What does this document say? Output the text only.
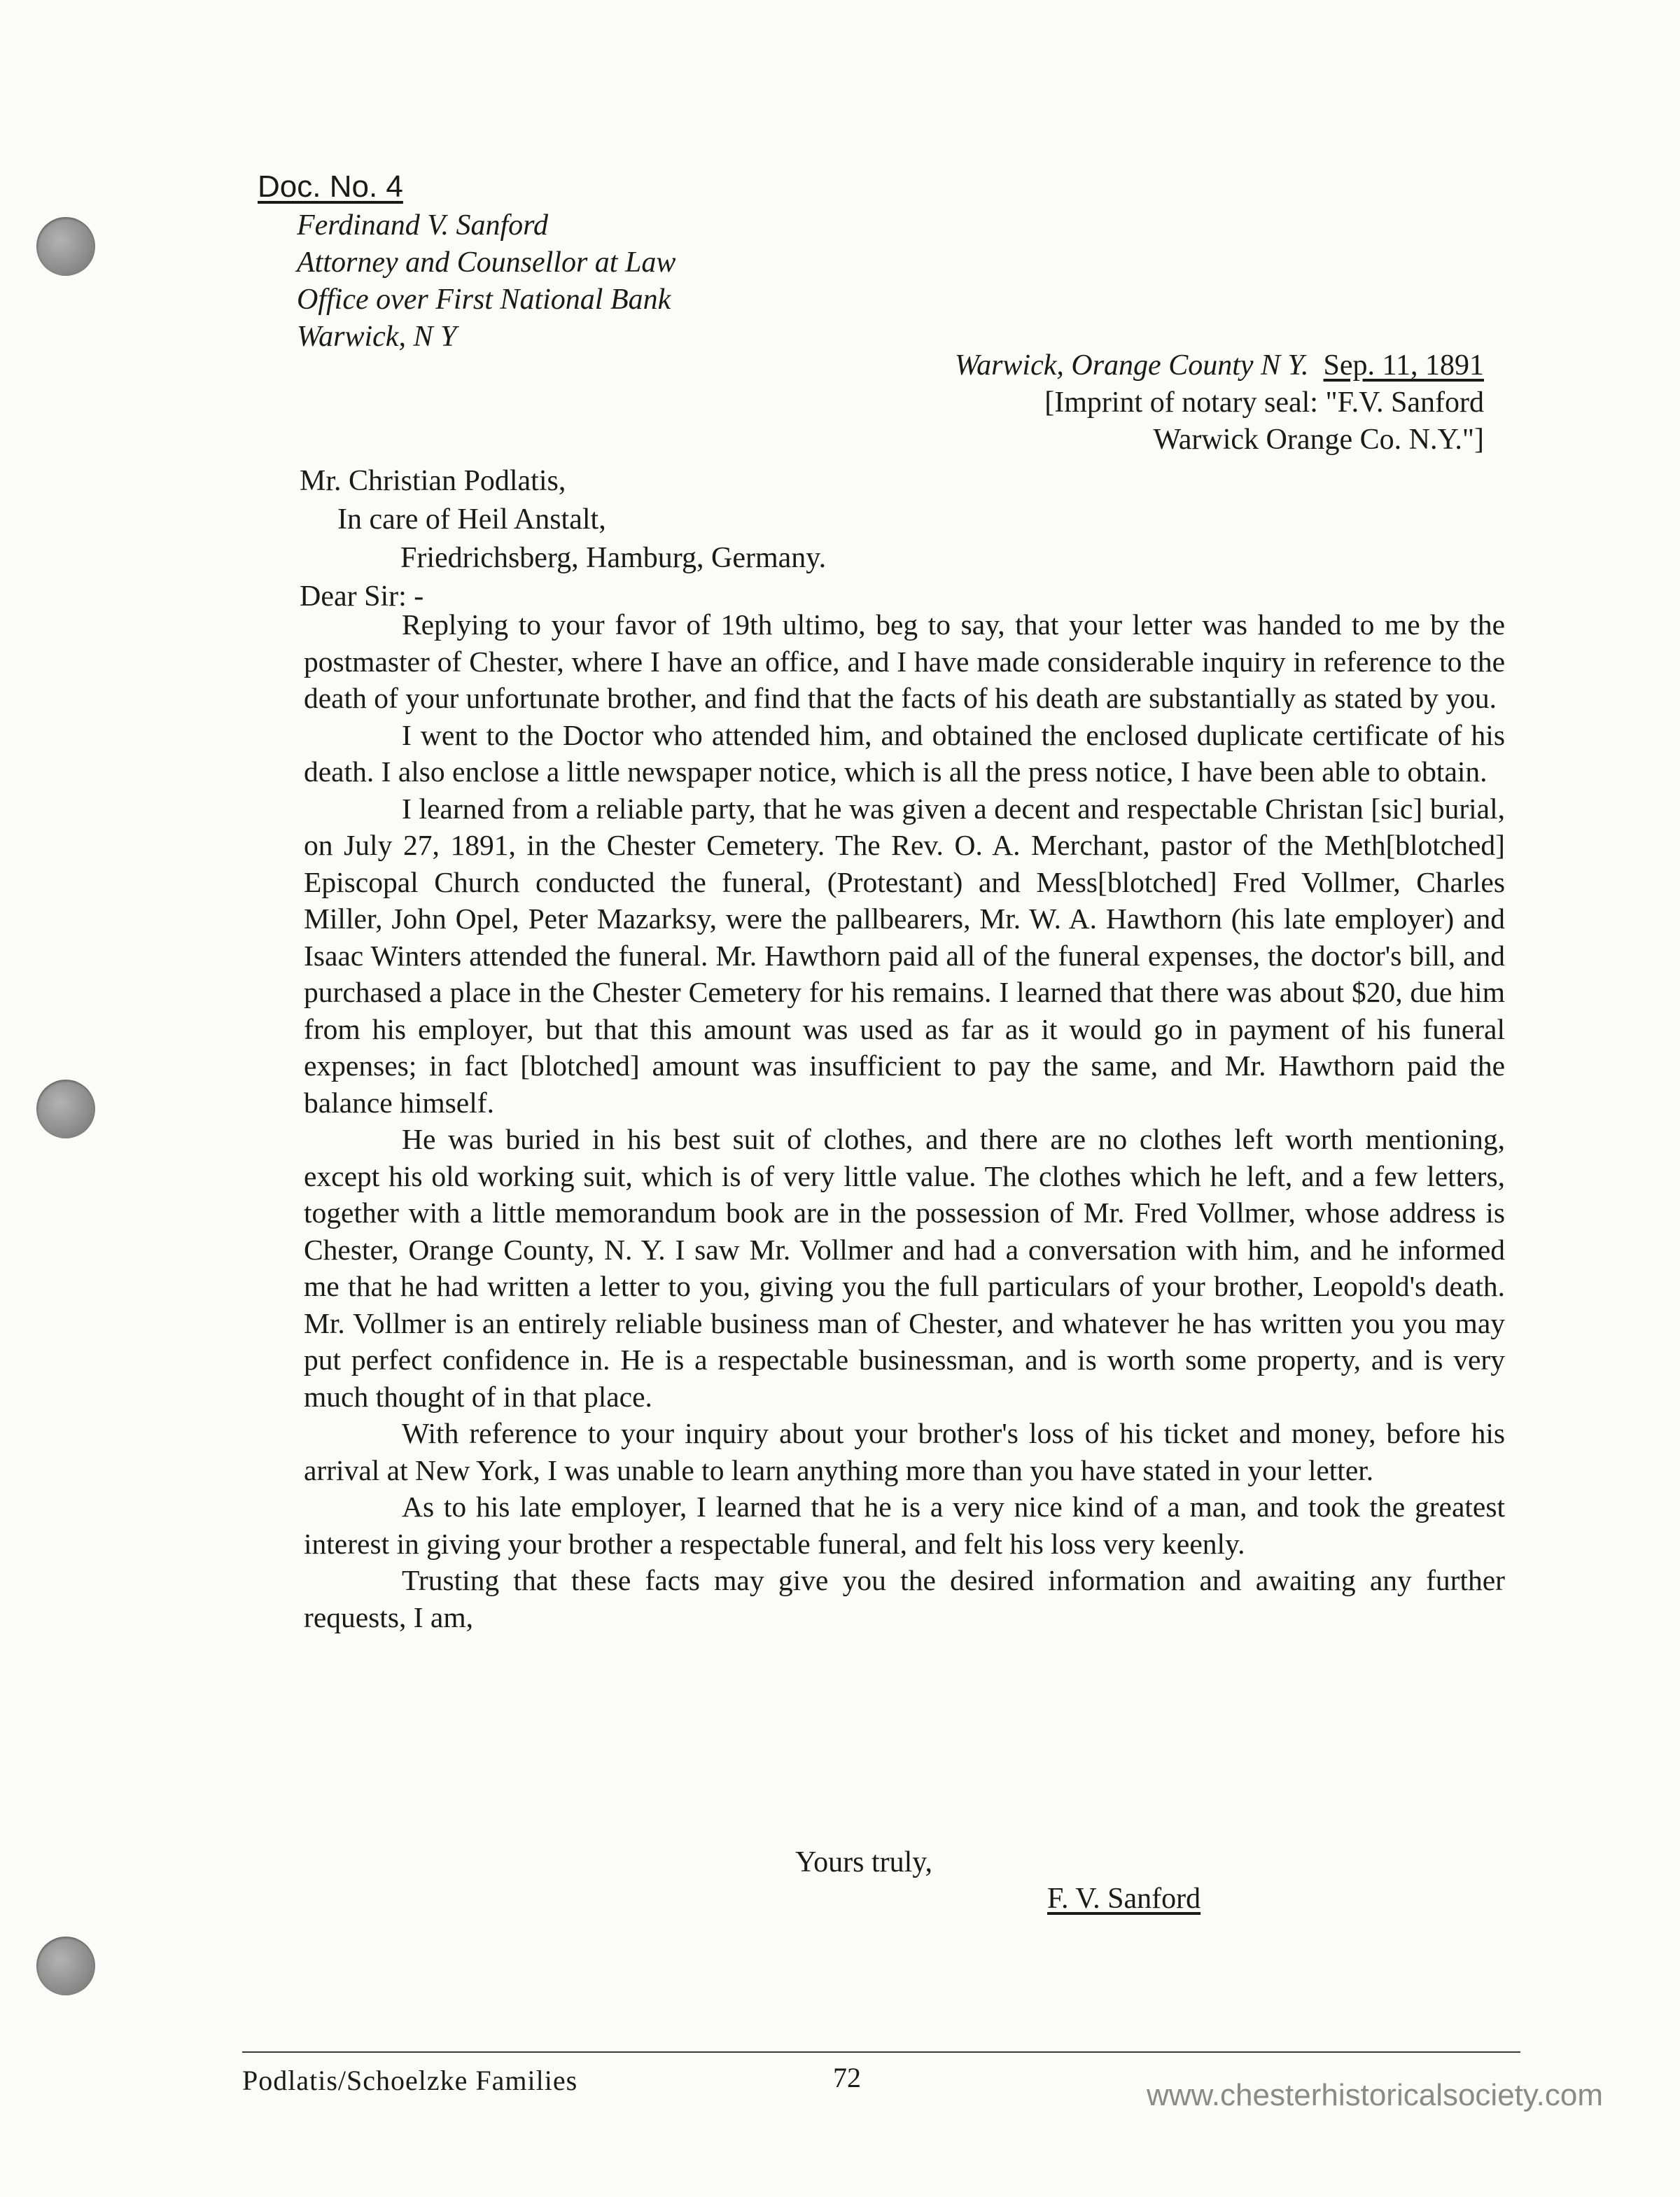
Doc. No. 4
Ferdinand V. Sanford
Attorney and Counsellor at Law
Office over First National Bank
Warwick, N Y
Warwick, Orange County N Y. Sep. 11, 1891
[Imprint of notary seal: "F.V. Sanford
Warwick Orange Co. N.Y."]
Mr. Christian Podlatis,
In care of Heil Anstalt,
Friedrichsberg, Hamburg, Germany.
Dear Sir: -

Replying to your favor of 19th ultimo, beg to say, that your letter was handed to me by the postmaster of Chester, where I have an office, and I have made considerable inquiry in reference to the death of your unfortunate brother, and find that the facts of his death are substantially as stated by you.

I went to the Doctor who attended him, and obtained the enclosed duplicate certificate of his death. I also enclose a little newspaper notice, which is all the press notice, I have been able to obtain.

I learned from a reliable party, that he was given a decent and respectable Christan [sic] burial, on July 27, 1891, in the Chester Cemetery. The Rev. O. A. Merchant, pastor of the Meth[blotched] Episcopal Church conducted the funeral, (Protestant) and Mess[blotched] Fred Vollmer, Charles Miller, John Opel, Peter Mazarksy, were the pallbearers, Mr. W. A. Hawthorn (his late employer) and Isaac Winters attended the funeral. Mr. Hawthorn paid all of the funeral expenses, the doctor's bill, and purchased a place in the Chester Cemetery for his remains. I learned that there was about $20, due him from his employer, but that this amount was used as far as it would go in payment of his funeral expenses; in fact [blotched] amount was insufficient to pay the same, and Mr. Hawthorn paid the balance himself.

He was buried in his best suit of clothes, and there are no clothes left worth mentioning, except his old working suit, which is of very little value. The clothes which he left, and a few letters, together with a little memorandum book are in the possession of Mr. Fred Vollmer, whose address is Chester, Orange County, N. Y. I saw Mr. Vollmer and had a conversation with him, and he informed me that he had written a letter to you, giving you the full particulars of your brother, Leopold's death. Mr. Vollmer is an entirely reliable business man of Chester, and whatever he has written you you may put perfect confidence in. He is a respectable businessman, and is worth some property, and is very much thought of in that place.

With reference to your inquiry about your brother's loss of his ticket and money, before his arrival at New York, I was unable to learn anything more than you have stated in your letter.

As to his late employer, I learned that he is a very nice kind of a man, and took the greatest interest in giving your brother a respectable funeral, and felt his loss very keenly.

Trusting that these facts may give you the desired information and awaiting any further requests, I am,

Yours truly,
F. V. Sanford
Podlatis/Schoelzke Families	72
www.chesterhistoricalsociety.com
